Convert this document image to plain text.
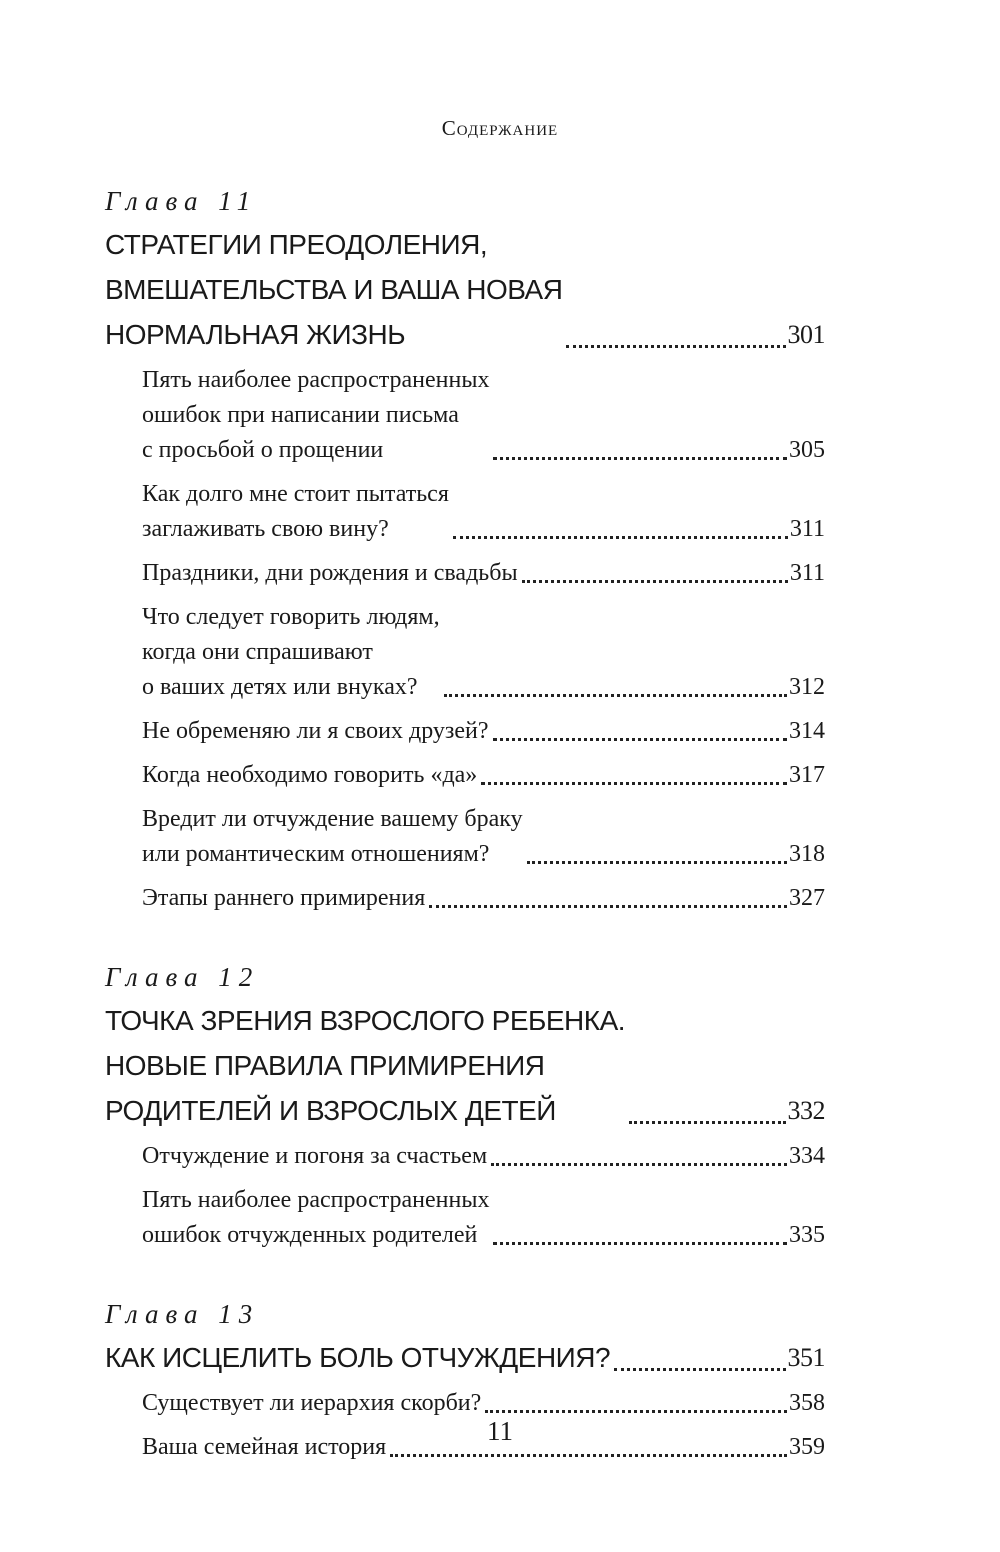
Содержание
Глава 11
СТРАТЕГИИ ПРЕОДОЛЕНИЯ,
ВМЕШАТЕЛЬСТВА И ВАША НОВАЯ
НОРМАЛЬНАЯ ЖИЗНЬ	301
Пять наиболее распространенных
ошибок при написании письма
с просьбой о прощении	305
Как долго мне стоит пытаться
заглаживать свою вину?	311
Праздники, дни рождения и свадьбы	311
Что следует говорить людям,
когда они спрашивают
о ваших детях или внуках?	312
Не обременяю ли я своих друзей?	314
Когда необходимо говорить «да»	317
Вредит ли отчуждение вашему браку
или романтическим отношениям?	318
Этапы раннего примирения	327
Глава 12
ТОЧКА ЗРЕНИЯ ВЗРОСЛОГО РЕБЕНКА.
НОВЫЕ ПРАВИЛА ПРИМИРЕНИЯ
РОДИТЕЛЕЙ И ВЗРОСЛЫХ ДЕТЕЙ	332
Отчуждение и погоня за счастьем	334
Пять наиболее распространенных
ошибок отчужденных родителей	335
Глава 13
КАК ИСЦЕЛИТЬ БОЛЬ ОТЧУЖДЕНИЯ?	351
Существует ли иерархия скорби?	358
Ваша семейная история	359
11
